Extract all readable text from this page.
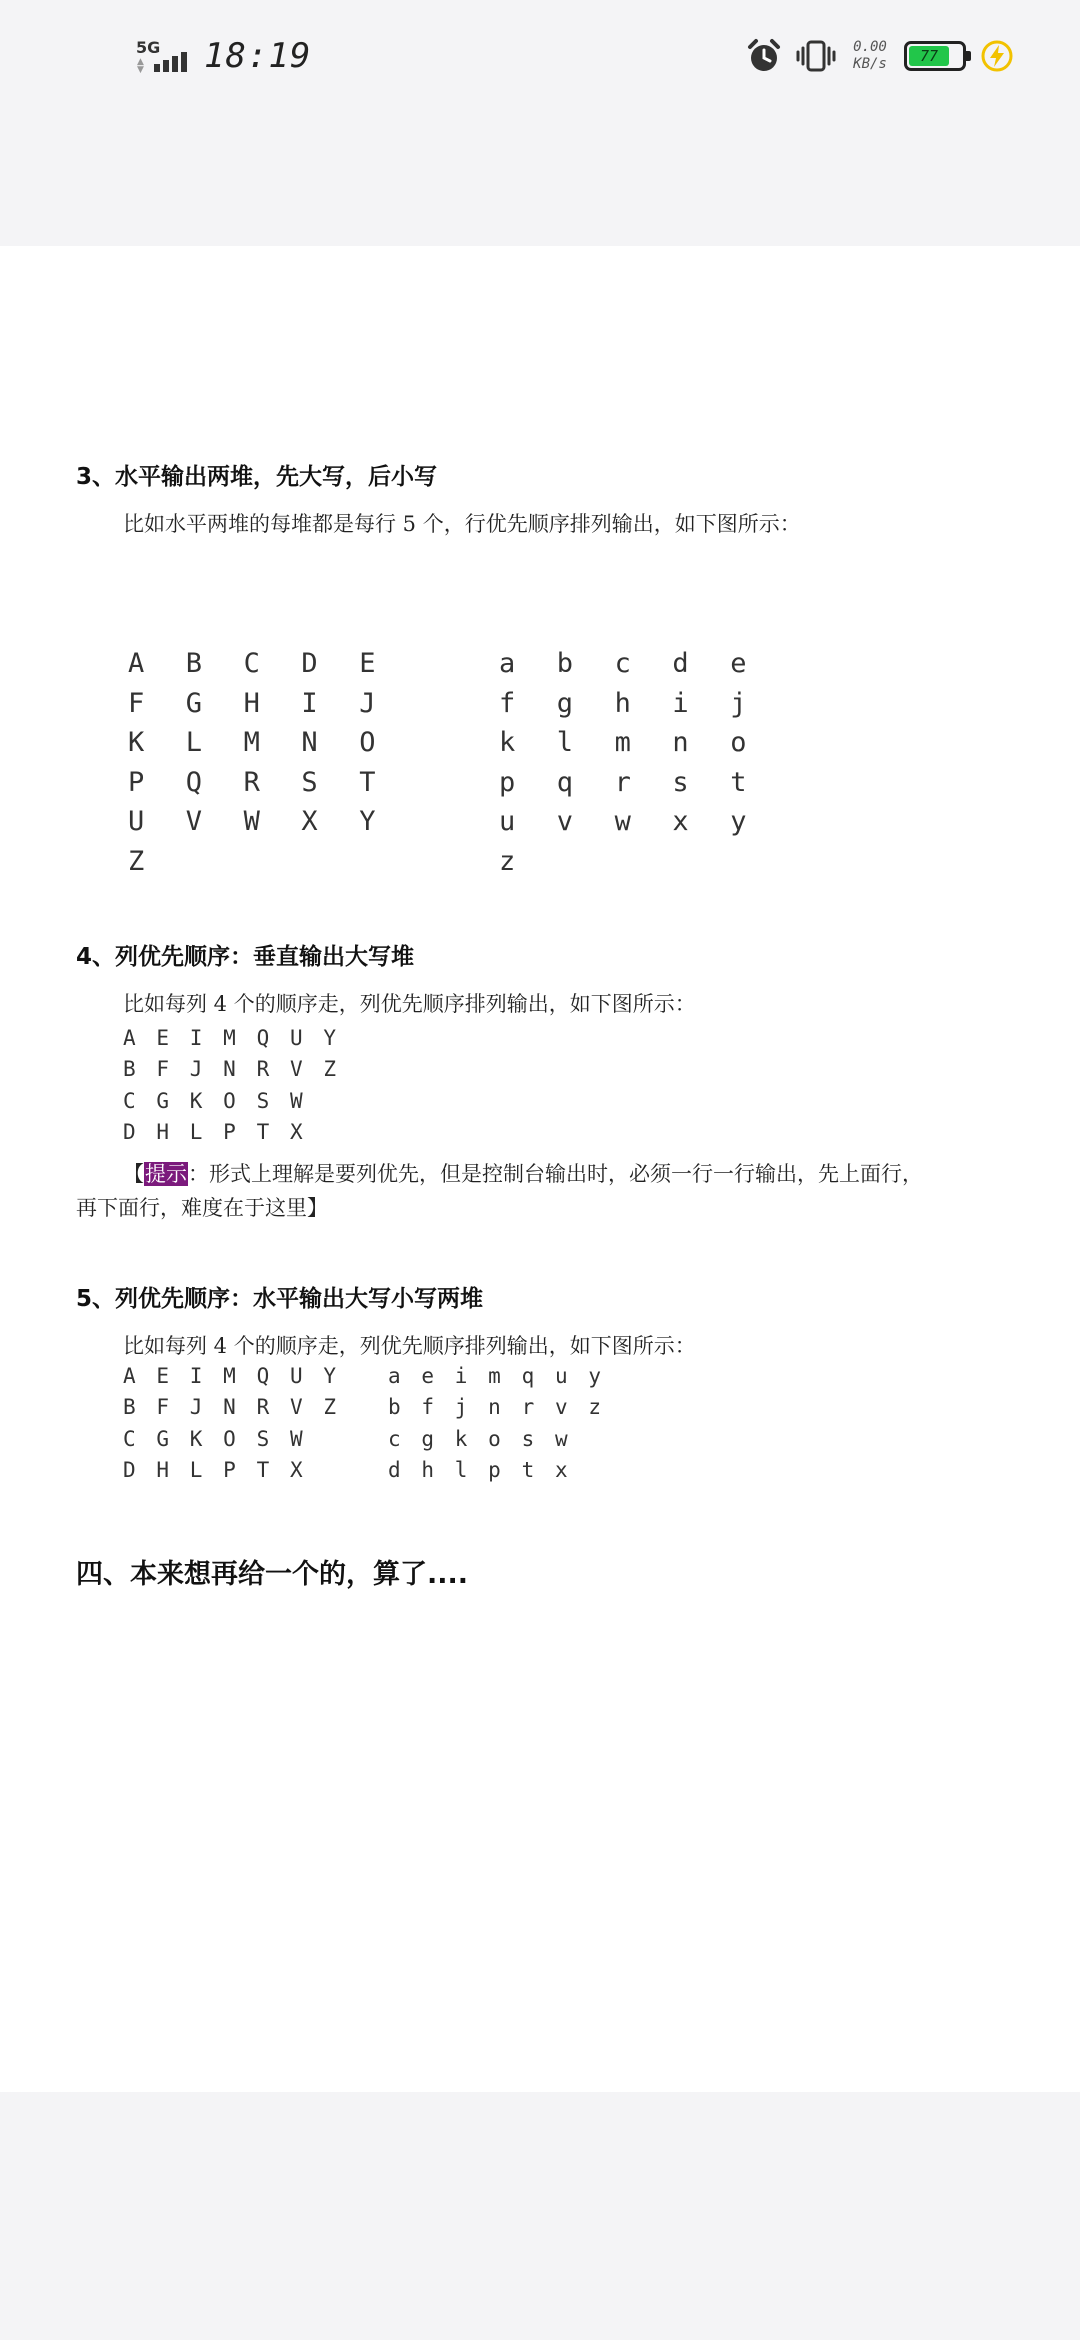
5G
▲
▼ 18:19	0.00
KB/s	77
3、水平输出两堆，先大写，后小写
比如水平两堆的每堆都是每行 5 个，行优先顺序排列输出，如下图所示：
A	B	C	D	E
F	G	H	I	J
K	L	M	N	O
P	Q	R	S	T
U	V	W	X	Y
Z
a	b	c	d	e
f	g	h	i	j
k	l	m	n	o
p	q	r	s	t
u	v	w	x	y
z
4、列优先顺序：垂直输出大写堆
比如每列 4 个的顺序走，列优先顺序排列输出，如下图所示：
A E I M Q U Y
B F J N R V Z
C G K O S W
D H L P T X
【提示：形式上理解是要列优先，但是控制台输出时，必须一行一行输出，先上面行，
再下面行，难度在于这里】
5、列优先顺序：水平输出大写小写两堆
比如每列 4 个的顺序走，列优先顺序排列输出，如下图所示：
A E I M Q U Y
B F J N R V Z
C G K O S W
D H L P T X
a e i m q u y
b f j n r v z
c g k o s w
d h l p t x
四、本来想再给一个的，算了....
